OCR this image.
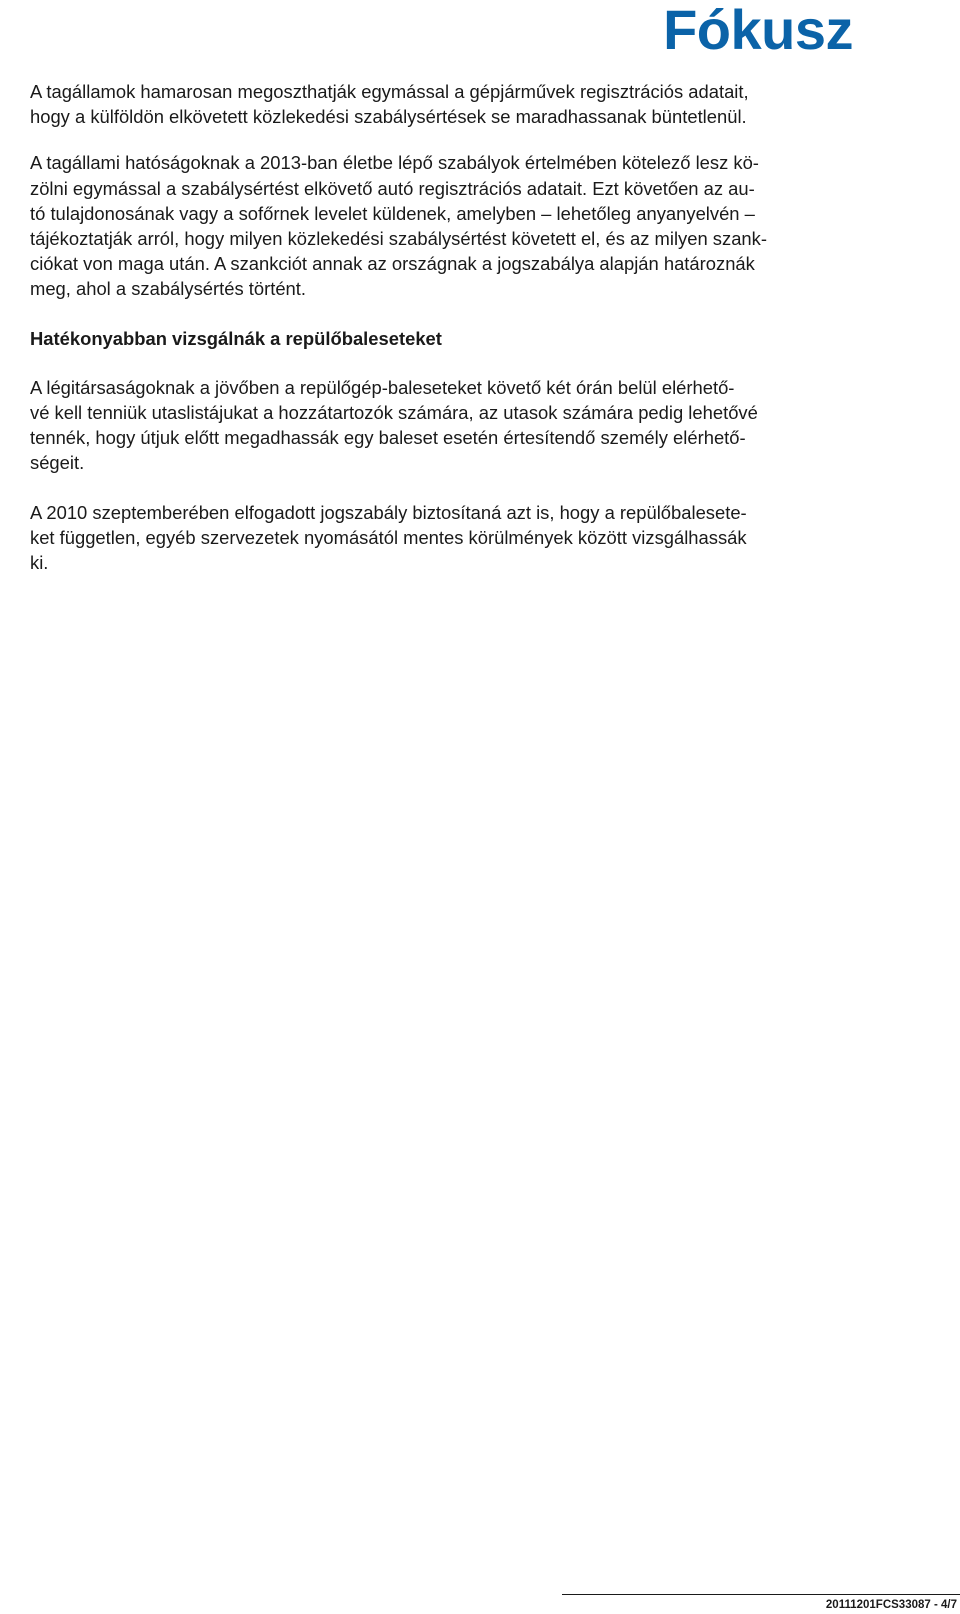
Fókusz

A tagállamok hamarosan megoszthatják egymással a gépjárművek regisztrációs adatait,
hogy a külföldön elkövetett közlekedési szabálysértések se maradhassanak büntetlenül.

A tagállami hatóságoknak a 2013-ban életbe lépő szabályok értelmében kötelező lesz kö-
zölni egymással a szabálysértést elkövető autó regisztrációs adatait. Ezt követően az au-
tó tulajdonosának vagy a sofőrnek levelet küldenek, amelyben – lehetőleg anyanyelvén –
tájékoztatják arról, hogy milyen közlekedési szabálysértést követett el, és az milyen szank-
ciókat von maga után. A szankciót annak az országnak a jogszabálya alapján határoznák
meg, ahol a szabálysértés történt.

Hatékonyabban vizsgálnák a repülőbaleseteket

A légitársaságoknak a jövőben a repülőgép-baleseteket követő két órán belül elérhető-
vé kell tenniük utaslistájukat a hozzátartozók számára, az utasok számára pedig lehetővé
tennék, hogy útjuk előtt megadhassák egy baleset esetén értesítendő személy elérhető-
ségeit.

A 2010 szeptemberében elfogadott jogszabály biztosítaná azt is, hogy a repülőbalesete-
ket független, egyéb szervezetek nyomásától mentes körülmények között vizsgálhassák
ki.

20111201FCS33087 - 4/7
